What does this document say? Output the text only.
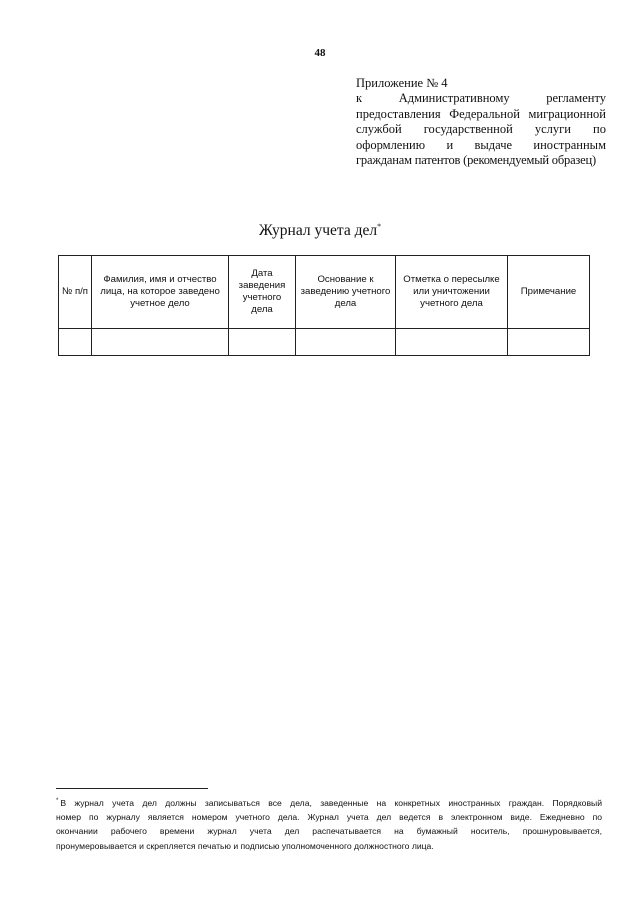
48
Приложение № 4
к Административному регламенту
предоставления Федеральной миграционной
службой государственной услуги по
оформлению и выдаче иностранным
гражданам патентов (рекомендуемый образец)
Журнал учета дел*
№ п/п	Фамилия, имя и отчество лица, на которое заведено учетное дело	Дата заведения учетного дела	Основание к заведению учетного дела	Отметка о пересылке или уничтожении учетного дела	Примечание

* В журнал учета дел должны записываться все дела, заведенные на конкретных иностранных граждан. Порядковый
номер по журналу является номером учетного дела. Журнал учета дел ведется в электронном виде. Ежедневно по
окончании рабочего времени журнал учета дел распечатывается на бумажный носитель, прошнуровывается,
пронумеровывается и скрепляется печатью и подписью уполномоченного должностного лица.
